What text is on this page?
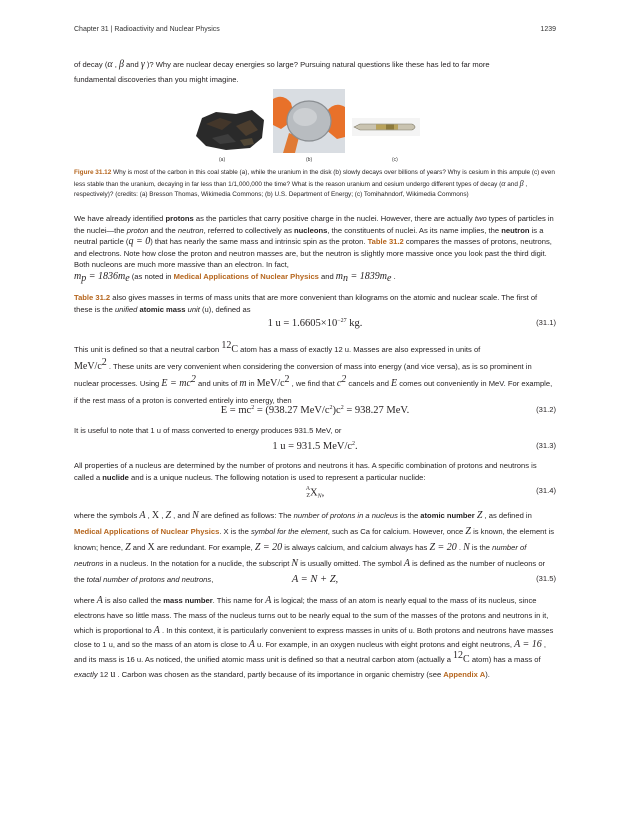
Chapter 31 | Radioactivity and Nuclear Physics	1239

of decay (α , β and γ )? Why are nuclear decay energies so large? Pursuing natural questions like these has led to far more
fundamental discoveries than you might imagine.

(a)	(b)	(c)

Figure 31.12 Why is most of the carbon in this coal stable (a), while the uranium in the disk (b) slowly decays over billions of years? Why is cesium in this ampule (c) even less stable than the uranium, decaying in far less than 1/1,000,000 the time? What is the reason uranium and cesium undergo different types of decay (α and β , respectively)? (credits: (a) Bresson Thomas, Wikimedia Commons; (b) U.S. Department of Energy; (c) Tomihahndorf, Wikimedia Commons)

We have already identified protons as the particles that carry positive charge in the nuclei. However, there are actually two types of particles in the nuclei—the proton and the neutron, referred to collectively as nucleons, the constituents of nuclei. As its name implies, the neutron is a neutral particle (q = 0) that has nearly the same mass and intrinsic spin as the proton. Table 31.2 compares the masses of protons, neutrons, and electrons. Note how close the proton and neutron masses are, but the neutron is slightly more massive once you look past the third digit. Both nucleons are much more massive than an electron. In fact,
$m_p = 1836m_e$ (as noted in Medical Applications of Nuclear Physics and $m_n = 1839m_e$ .

Table 31.2 also gives masses in terms of mass units that are more convenient than kilograms on the atomic and nuclear scale. The first of these is the unified atomic mass unit (u), defined as

1 $u = 1.6605\times 10^{-27}$ kg.	(31.1)

This unit is defined so that a neutral carbon $^{12}$C atom has a mass of exactly 12 u. Masses are also expressed in units of
MeV/$c^2$ . These units are very convenient when considering the conversion of mass into energy (and vice versa), as is so prominent in nuclear processes. Using $E = mc^2$ and units of m in MeV/$c^2$ , we find that $c^2$ cancels and E comes out conveniently in MeV. For example, if the rest mass of a proton is converted entirely into energy, then

$E = mc^2 = (938.27$ MeV/$c^2)c^2 = 938.27$ MeV.	(31.2)

It is useful to note that 1 u of mass converted to energy produces 931.5 MeV, or

1 u = 931.5 MeV/$c^2$.	(31.3)

All properties of a nucleus are determined by the number of protons and neutrons it has. A specific combination of protons and neutrons is called a nuclide and is a unique nucleus. The following notation is used to represent a particular nuclide:

A
Z $X_N$,	(31.4)

where the symbols A , X , Z , and N are defined as follows: The number of protons in a nucleus is the atomic number Z , as defined in Medical Applications of Nuclear Physics. X is the symbol for the element, such as Ca for calcium. However, once Z is known, the element is known; hence, Z and X are redundant. For example, Z = 20 is always calcium, and calcium always has Z = 20 . N is the number of neutrons in a nucleus. In the notation for a nuclide, the subscript N is usually omitted. The symbol A is defined as the number of nucleons or the total number of protons and neutrons,	A = N + Z,	(31.5)

where A is also called the mass number. This name for A is logical; the mass of an atom is nearly equal to the mass of its nucleus, since electrons have so little mass. The mass of the nucleus turns out to be nearly equal to the sum of the masses of the protons and neutrons in it, which is proportional to A . In this context, it is particularly convenient to express masses in units of u. Both protons and neutrons have masses close to 1 u, and so the mass of an atom is close to A u. For example, in an oxygen nucleus with eight protons and eight neutrons, A = 16 , and its mass is 16 u. As noticed, the unified atomic mass unit is defined so that a neutral carbon atom (actually a $^{12}$C atom) has a mass of exactly 12 u . Carbon was chosen as the standard, partly because of its importance in organic chemistry (see Appendix A).
